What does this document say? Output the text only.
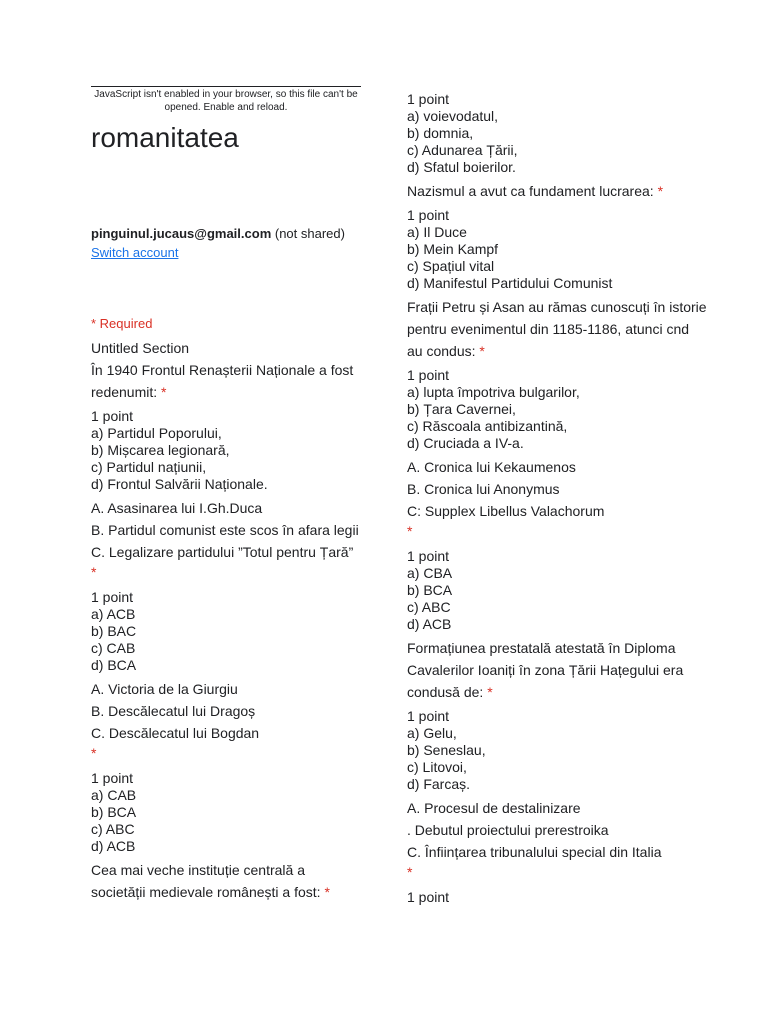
JavaScript isn't enabled in your browser, so this file can't be opened. Enable and reload.
romanitatea
pinguinul.jucaus@gmail.com (not shared) Switch account

* Required

Untitled Section

În 1940 Frontul Renașterii Naționale a fost redenumit: *

1 point

a) Partidul Poporului,

b) Mișcarea legionară,

c) Partidul națiunii,

d) Frontul Salvării Naționale.

A. Asasinarea lui I.Gh.Duca

B. Partidul comunist este scos în afara legii

C. Legalizare partidului ”Totul pentru Țară”

*

1 point

a) ACB

b) BAC

c) CAB

d) BCA

A. Victoria de la Giurgiu

B. Descălecatul lui Dragoș

C. Descălecatul lui Bogdan

*

1 point

a) CAB

b) BCA

c) ABC

d) ACB

Cea mai veche instituție centrală a societății medievale românești a fost: *

1 point

a) voievodatul,

b) domnia,

c) Adunarea Țării,

d) Sfatul boierilor.

Nazismul a avut ca fundament lucrarea: *

1 point

a) Il Duce

b) Mein Kampf

c) Spațiul vital

d) Manifestul Partidului Comunist

Frații Petru și Asan au rămas cunoscuți în istorie pentru evenimentul din 1185-1186, atunci cnd au condus: *

1 point

a) lupta împotriva bulgarilor,

b) Țara Cavernei,

c) Răscoala antibizantină,

d) Cruciada a IV-a.

A. Cronica lui Kekaumenos

B. Cronica lui Anonymus

C: Supplex Libellus Valachorum

*

1 point

a) CBA

b) BCA

c) ABC

d) ACB

Formațiunea prestatală atestată în Diploma Cavalerilor Ioaniți în zona Țării Hațegului era condusă de: *

1 point

a) Gelu,

b) Seneslau,

c) Litovoi,

d) Farcaș.

A. Procesul de destalinizare

. Debutul proiectului prerestroika

C. Înființarea tribunalului special din Italia

*

1 point
